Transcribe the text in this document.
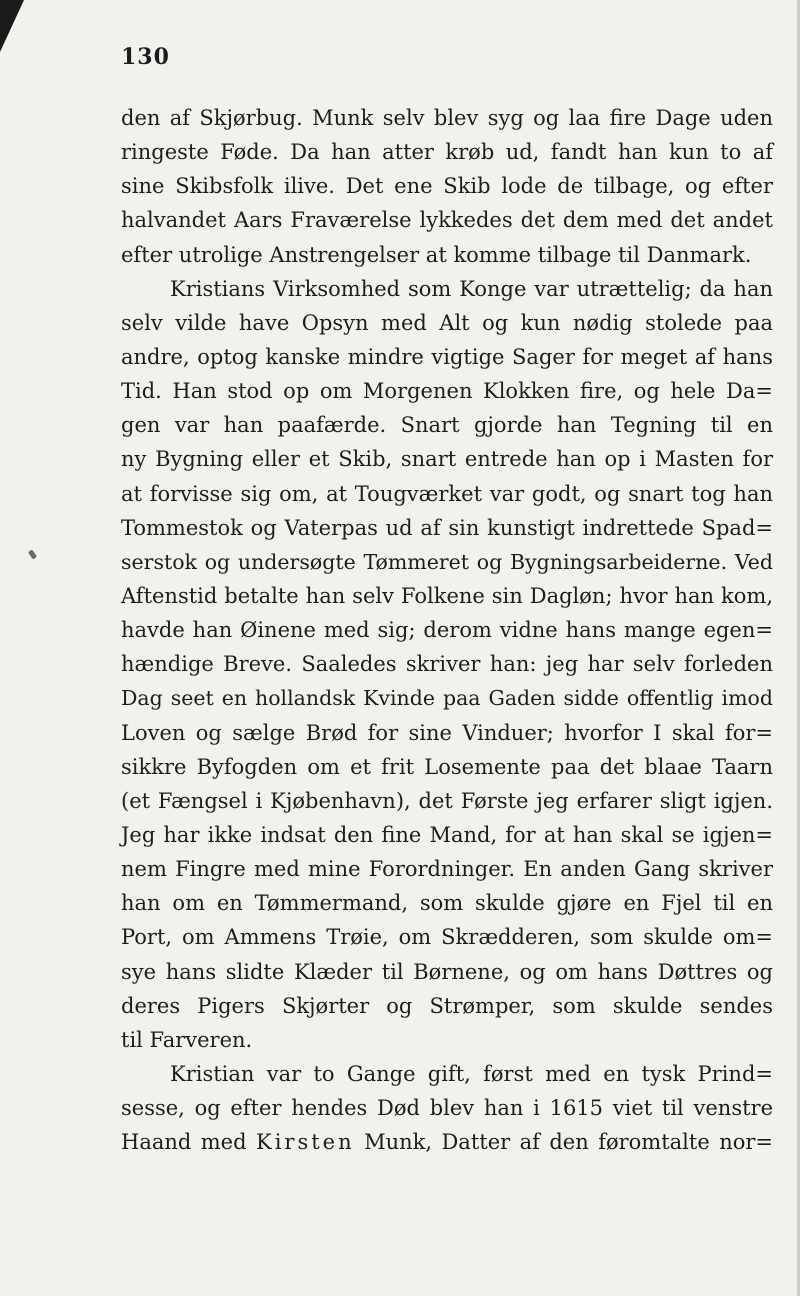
130
den af Skjørbug. Munk selv blev syg og laa fire Dage uden
ringeste Føde. Da han atter krøb ud, fandt han kun to af
sine Skibsfolk ilive. Det ene Skib lode de tilbage, og efter
halvandet Aars Fraværelse lykkedes det dem med det andet
efter utrolige Anstrengelser at komme tilbage til Danmark.
Kristians Virksomhed som Konge var utrættelig; da han
selv vilde have Opsyn med Alt og kun nødig stolede paa
andre, optog kanske mindre vigtige Sager for meget af hans
Tid. Han stod op om Morgenen Klokken fire, og hele Da=
gen var han paafærde. Snart gjorde han Tegning til en
ny Bygning eller et Skib, snart entrede han op i Masten for
at forvisse sig om, at Tougværket var godt, og snart tog han
Tommestok og Vaterpas ud af sin kunstigt indrettede Spad=
serstok og undersøgte Tømmeret og Bygningsarbeiderne. Ved
Aftenstid betalte han selv Folkene sin Dagløn; hvor han kom,
havde han Øinene med sig; derom vidne hans mange egen=
hændige Breve. Saaledes skriver han: jeg har selv forleden
Dag seet en hollandsk Kvinde paa Gaden sidde offentlig imod
Loven og sælge Brød for sine Vinduer; hvorfor I skal for=
sikkre Byfogden om et frit Losemente paa det blaae Taarn
(et Fængsel i Kjøbenhavn), det Første jeg erfarer sligt igjen.
Jeg har ikke indsat den fine Mand, for at han skal se igjen=
nem Fingre med mine Forordninger. En anden Gang skriver
han om en Tømmermand, som skulde gjøre en Fjel til en
Port, om Ammens Trøie, om Skrædderen, som skulde om=
sye hans slidte Klæder til Børnene, og om hans Døttres og
deres Pigers Skjørter og Strømper, som skulde sendes
til Farveren.
Kristian var to Gange gift, først med en tysk Prind=
sesse, og efter hendes Død blev han i 1615 viet til venstre
Haand med Kirsten Munk, Datter af den føromtalte nor=
